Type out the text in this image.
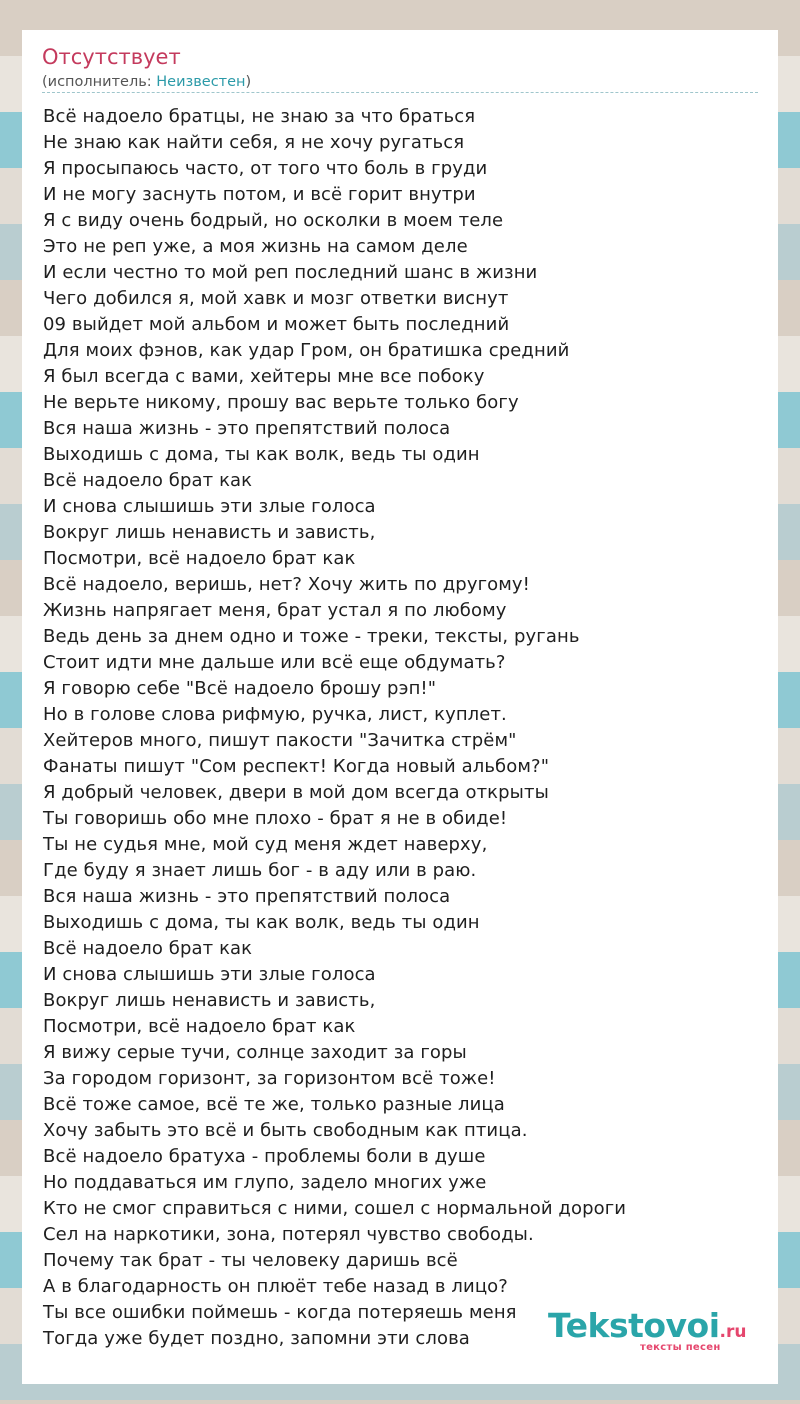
Отсутствует
(исполнитель: Неизвестен)
Всё надоело братцы, не знаю за что браться
Не знаю как найти себя, я не хочу ругаться
Я просыпаюсь часто, от того что боль в груди
И не могу заснуть потом, и всё горит внутри
Я с виду очень бодрый, но осколки в моем теле
Это не реп уже, а моя жизнь на самом деле
И если честно то мой реп последний шанс в жизни
Чего добился я, мой хавк и мозг ответки виснут
09 выйдет мой альбом и может быть последний
Для моих фэнов, как удар Гром, он братишка средний
Я был всегда с вами, хейтеры мне все побоку
Не верьте никому, прошу вас верьте только богу
Вся наша жизнь - это препятствий полоса
Выходишь с дома, ты как волк, ведь ты один
Всё надоело брат как
И снова слышишь эти злые голоса
Вокруг лишь ненависть и зависть,
Посмотри, всё надоело брат как
Всё надоело, веришь, нет? Хочу жить по другому!
Жизнь напрягает меня, брат устал я по любому
Ведь день за днем одно и тоже - треки, тексты, ругань
Стоит идти мне дальше или всё еще обдумать?
Я говорю себе "Всё надоело брошу рэп!"
Но в голове слова рифмую, ручка, лист, куплет.
Хейтеров много, пишут пакости "Зачитка стрём"
Фанаты пишут "Сом респект! Когда новый альбом?"
Я добрый человек, двери в мой дом всегда открыты
Ты говоришь обо мне плохо - брат я не в обиде!
Ты не судья мне, мой суд меня ждет наверху,
Где буду я знает лишь бог - в аду или в раю.
Вся наша жизнь - это препятствий полоса
Выходишь с дома, ты как волк, ведь ты один
Всё надоело брат как
И снова слышишь эти злые голоса
Вокруг лишь ненависть и зависть,
Посмотри, всё надоело брат как
Я вижу серые тучи, солнце заходит за горы
За городом горизонт, за горизонтом всё тоже!
Всё тоже самое, всё те же, только разные лица
Хочу забыть это всё и быть свободным как птица.
Всё надоело братуха - проблемы боли в душе
Но поддаваться им глупо, задело многих уже
Кто не смог справиться с ними, сошел с нормальной дороги
Сел на наркотики, зона, потерял чувство свободы.
Почему так брат - ты человеку даришь всё
А в благодарность он плюёт тебе назад в лицо?
Ты все ошибки поймешь - когда потеряешь меня
Тогда уже будет поздно, запомни эти слова	Tekstovoi.ru
тексты песен
